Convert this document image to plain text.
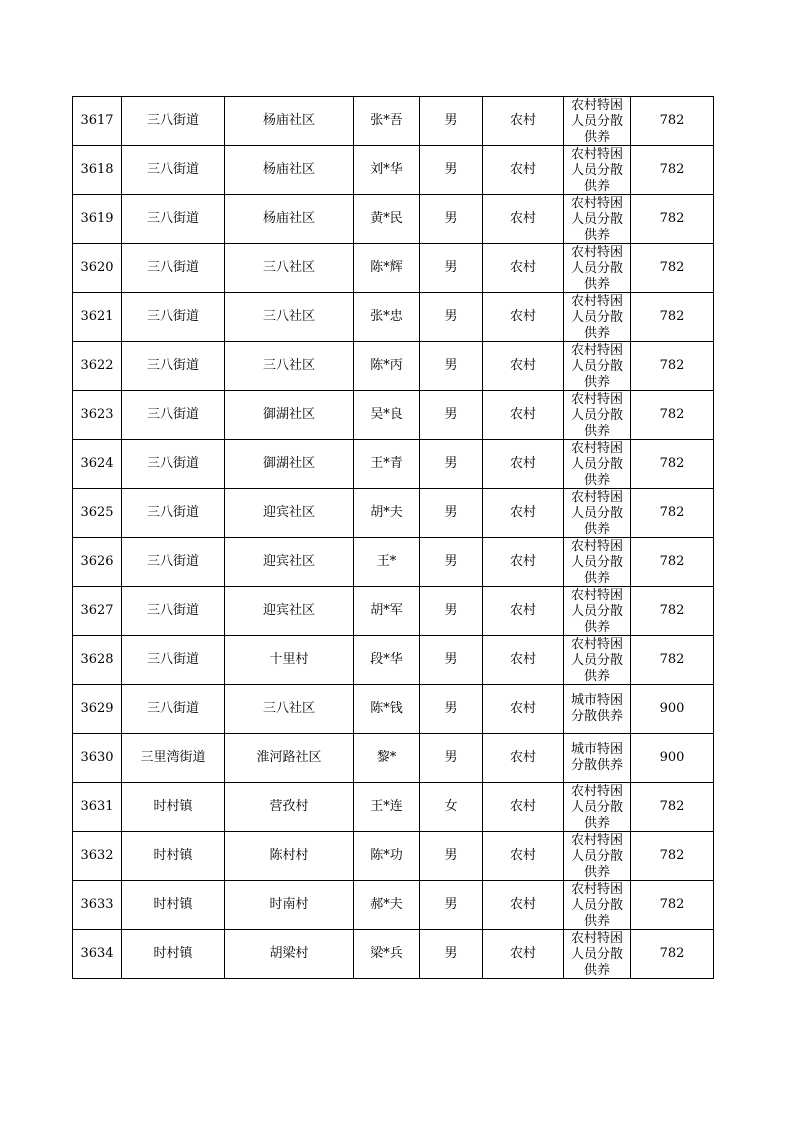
3617	三八街道	杨庙社区	张*吾	男	农村	农村特困人员分散供养	782
3618	三八街道	杨庙社区	刘*华	男	农村	农村特困人员分散供养	782
3619	三八街道	杨庙社区	黄*民	男	农村	农村特困人员分散供养	782
3620	三八街道	三八社区	陈*辉	男	农村	农村特困人员分散供养	782
3621	三八街道	三八社区	张*忠	男	农村	农村特困人员分散供养	782
3622	三八街道	三八社区	陈*丙	男	农村	农村特困人员分散供养	782
3623	三八街道	御湖社区	吴*良	男	农村	农村特困人员分散供养	782
3624	三八街道	御湖社区	王*青	男	农村	农村特困人员分散供养	782
3625	三八街道	迎宾社区	胡*夫	男	农村	农村特困人员分散供养	782
3626	三八街道	迎宾社区	王*	男	农村	农村特困人员分散供养	782
3627	三八街道	迎宾社区	胡*军	男	农村	农村特困人员分散供养	782
3628	三八街道	十里村	段*华	男	农村	农村特困人员分散供养	782
3629	三八街道	三八社区	陈*钱	男	农村	城市特困分散供养	900
3630	三里湾街道	淮河路社区	黎*	男	农村	城市特困分散供养	900
3631	时村镇	营孜村	王*连	女	农村	农村特困人员分散供养	782
3632	时村镇	陈村村	陈*功	男	农村	农村特困人员分散供养	782
3633	时村镇	时南村	郝*夫	男	农村	农村特困人员分散供养	782
3634	时村镇	胡梁村	梁*兵	男	农村	农村特困人员分散供养	782
